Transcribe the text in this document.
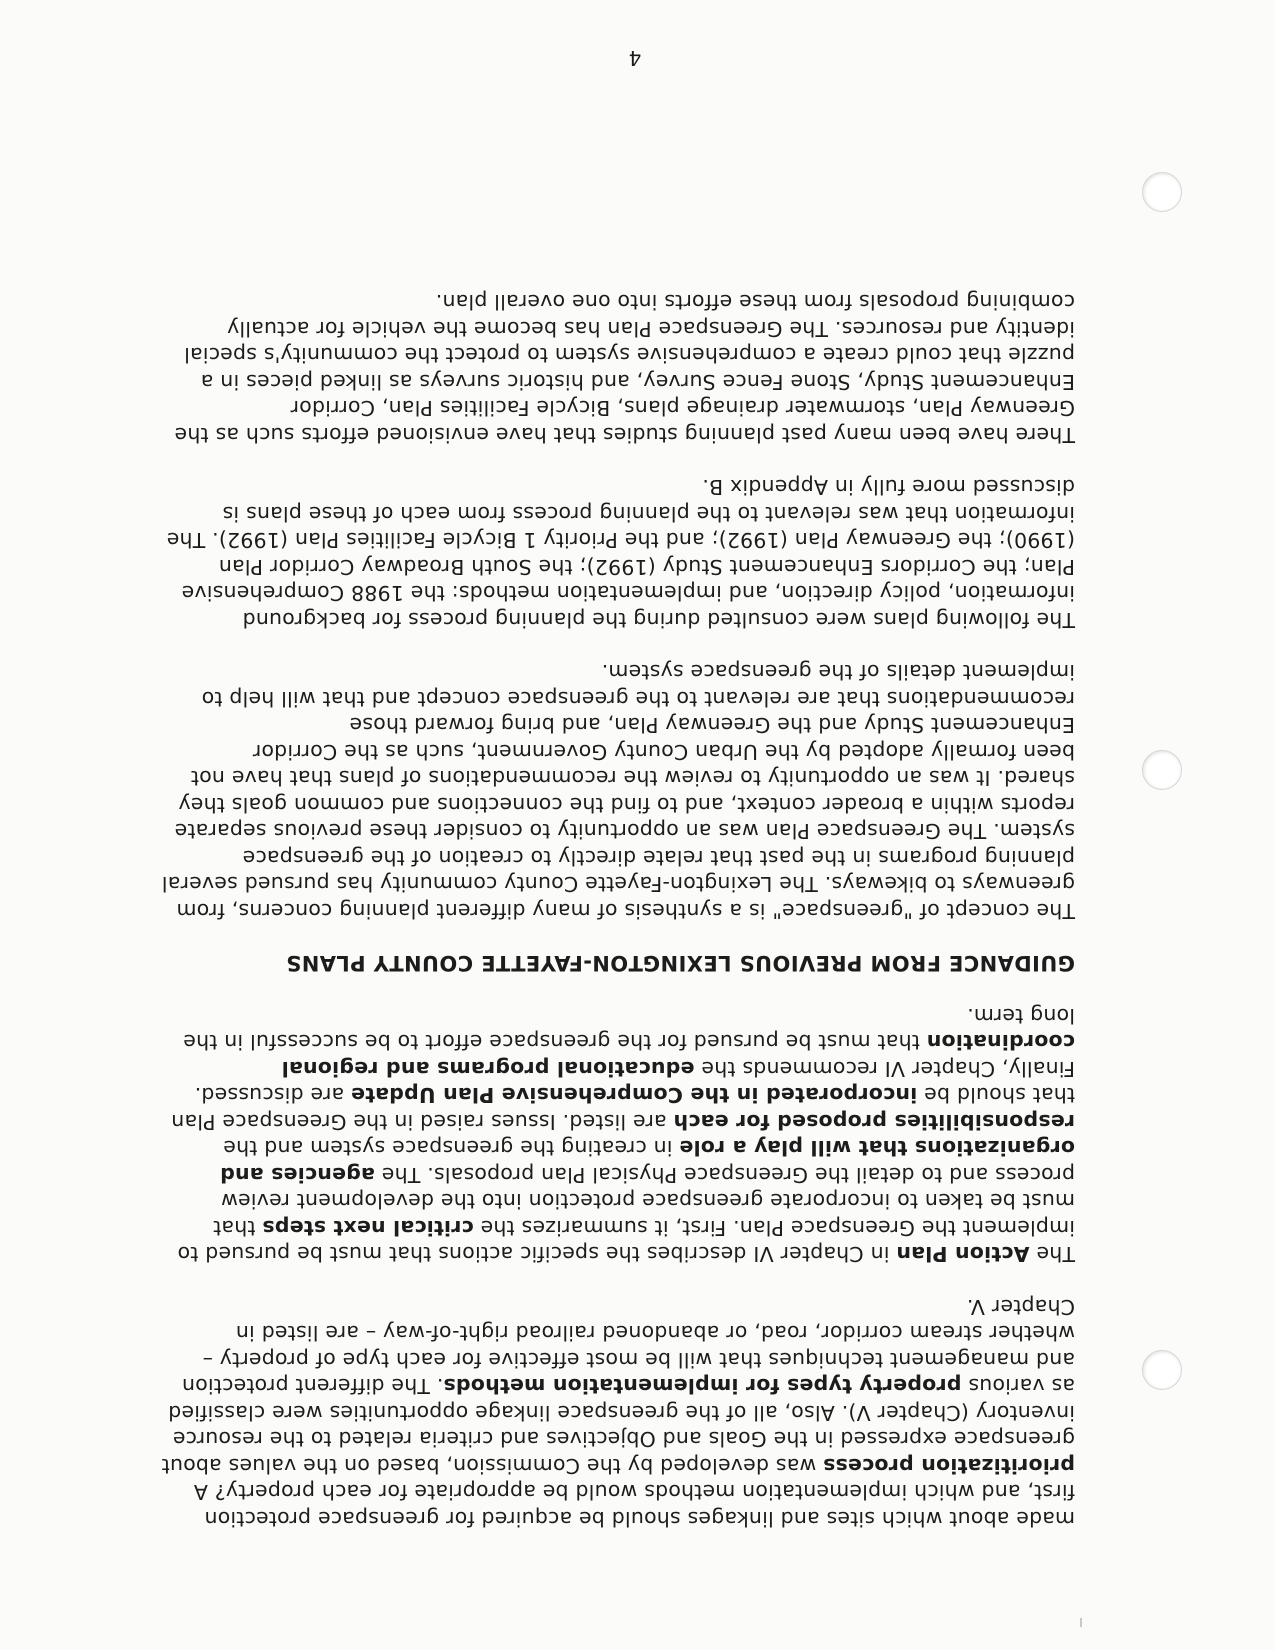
made about which sites and linkages should be acquired for greenspace protection first, and which implementation methods would be appropriate for each property? A prioritization process was developed by the Commission, based on the values about greenspace expressed in the Goals and Objectives and criteria related to the resource inventory (Chapter V). Also, all of the greenspace linkage opportunities were classified as various property types for implementation methods. The different protection and management techniques that will be most effective for each type of property – whether stream corridor, road, or abandoned railroad right-of-way – are listed in Chapter V.

The Action Plan in Chapter VI describes the specific actions that must be pursued to implement the Greenspace Plan. First, it summarizes the critical next steps that must be taken to incorporate greenspace protection into the development review process and to detail the Greenspace Physical Plan proposals. The agencies and organizations that will play a role in creating the greenspace system and the responsibilities proposed for each are listed. Issues raised in the Greenspace Plan that should be incorporated in the Comprehensive Plan Update are discussed. Finally, Chapter VI recommends the educational programs and regional coordination that must be pursued for the greenspace effort to be successful in the long term.

GUIDANCE FROM PREVIOUS LEXINGTON-FAYETTE COUNTY PLANS

The concept of "greenspace" is a synthesis of many different planning concerns, from greenways to bikeways. The Lexington-Fayette County community has pursued several planning programs in the past that relate directly to creation of the greenspace system. The Greenspace Plan was an opportunity to consider these previous separate reports within a broader context, and to find the connections and common goals they shared. It was an opportunity to review the recommendations of plans that have not been formally adopted by the Urban County Government, such as the Corridor Enhancement Study and the Greenway Plan, and bring forward those recommendations that are relevant to the greenspace concept and that will help to implement details of the greenspace system.

The following plans were consulted during the planning process for background information, policy direction, and implementation methods: the 1988 Comprehensive Plan; the Corridors Enhancement Study (1992); the South Broadway Corridor Plan (1990); the Greenway Plan (1992); and the Priority 1 Bicycle Facilities Plan (1992). The information that was relevant to the planning process from each of these plans is discussed more fully in Appendix B.

There have been many past planning studies that have envisioned efforts such as the Greenway Plan, stormwater drainage plans, Bicycle Facilities Plan, Corridor Enhancement Study, Stone Fence Survey, and historic surveys as linked pieces in a puzzle that could create a comprehensive system to protect the community's special identity and resources. The Greenspace Plan has become the vehicle for actually combining proposals from these efforts into one overall plan.

4
